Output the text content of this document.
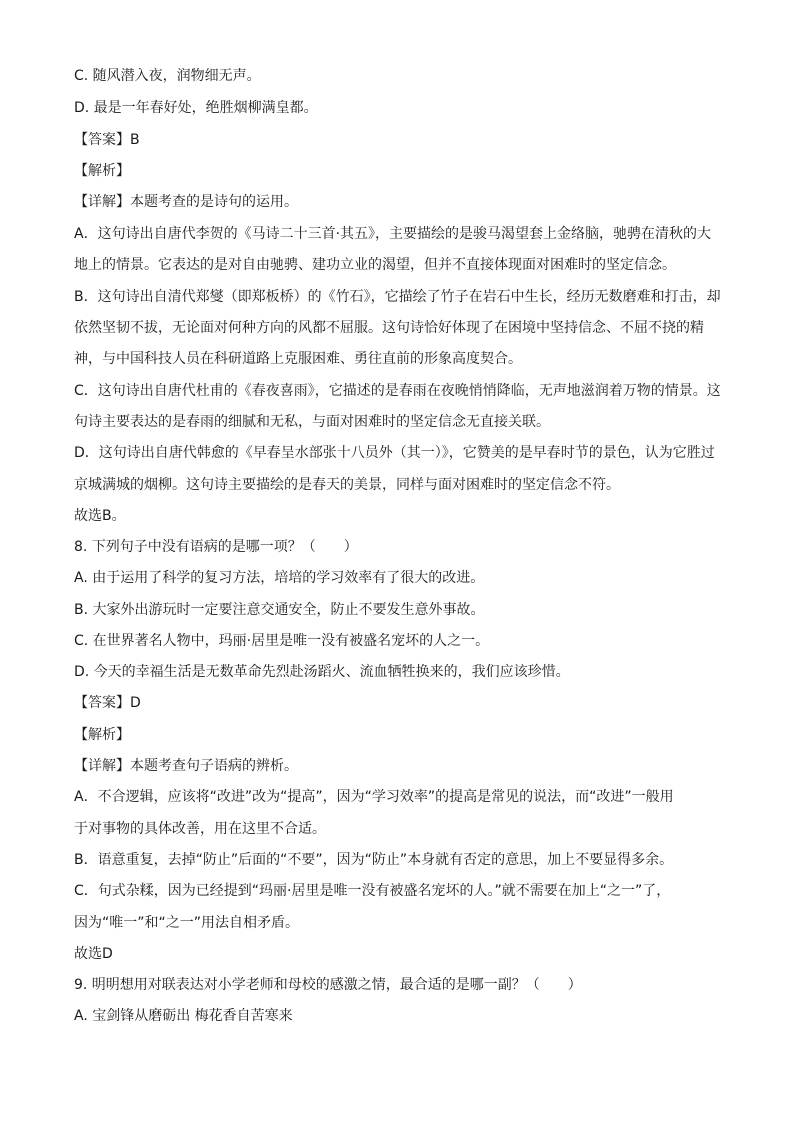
C. 随风潜入夜，润物细无声。
D. 最是一年春好处，绝胜烟柳满皇都。
【答案】B
【解析】
【详解】本题考查的是诗句的运用。
A．这句诗出自唐代李贺的《马诗二十三首·其五》，主要描绘的是骏马渴望套上金络脑，驰骋在清秋的大
地上的情景。它表达的是对自由驰骋、建功立业的渴望，但并不直接体现面对困难时的坚定信念。
B．这句诗出自清代郑燮（即郑板桥）的《竹石》，它描绘了竹子在岩石中生长，经历无数磨难和打击，却
依然坚韧不拔，无论面对何种方向的风都不屈服。这句诗恰好体现了在困境中坚持信念、不屈不挠的精
神，与中国科技人员在科研道路上克服困难、勇往直前的形象高度契合。
C．这句诗出自唐代杜甫的《春夜喜雨》，它描述的是春雨在夜晚悄悄降临，无声地滋润着万物的情景。这
句诗主要表达的是春雨的细腻和无私，与面对困难时的坚定信念无直接关联。
D．这句诗出自唐代韩愈的《早春呈水部张十八员外（其一）》，它赞美的是早春时节的景色，认为它胜过
京城满城的烟柳。这句诗主要描绘的是春天的美景，同样与面对困难时的坚定信念不符。
故选B。
8. 下列句子中没有语病的是哪一项？（　　）
A. 由于运用了科学的复习方法，培培的学习效率有了很大的改进。
B. 大家外出游玩时一定要注意交通安全，防止不要发生意外事故。
C. 在世界著名人物中，玛丽·居里是唯一没有被盛名宠坏的人之一。
D. 今天的幸福生活是无数革命先烈赴汤蹈火、流血牺牲换来的，我们应该珍惜。
【答案】D
【解析】
【详解】本题考查句子语病的辨析。
A．不合逻辑，应该将“改进”改为“提高”，因为“学习效率”的提高是常见的说法，而“改进”一般用
于对事物的具体改善，用在这里不合适。
B．语意重复，去掉“防止”后面的“不要”，因为“防止”本身就有否定的意思，加上不要显得多余。
C．句式杂糅，因为已经提到“玛丽·居里是唯一没有被盛名宠坏的人。”就不需要在加上“之一”了，
因为“唯一”和“之一”用法自相矛盾。
故选D
9. 明明想用对联表达对小学老师和母校的感激之情，最合适的是哪一副？（　　）
A. 宝剑锋从磨砺出 梅花香自苦寒来
